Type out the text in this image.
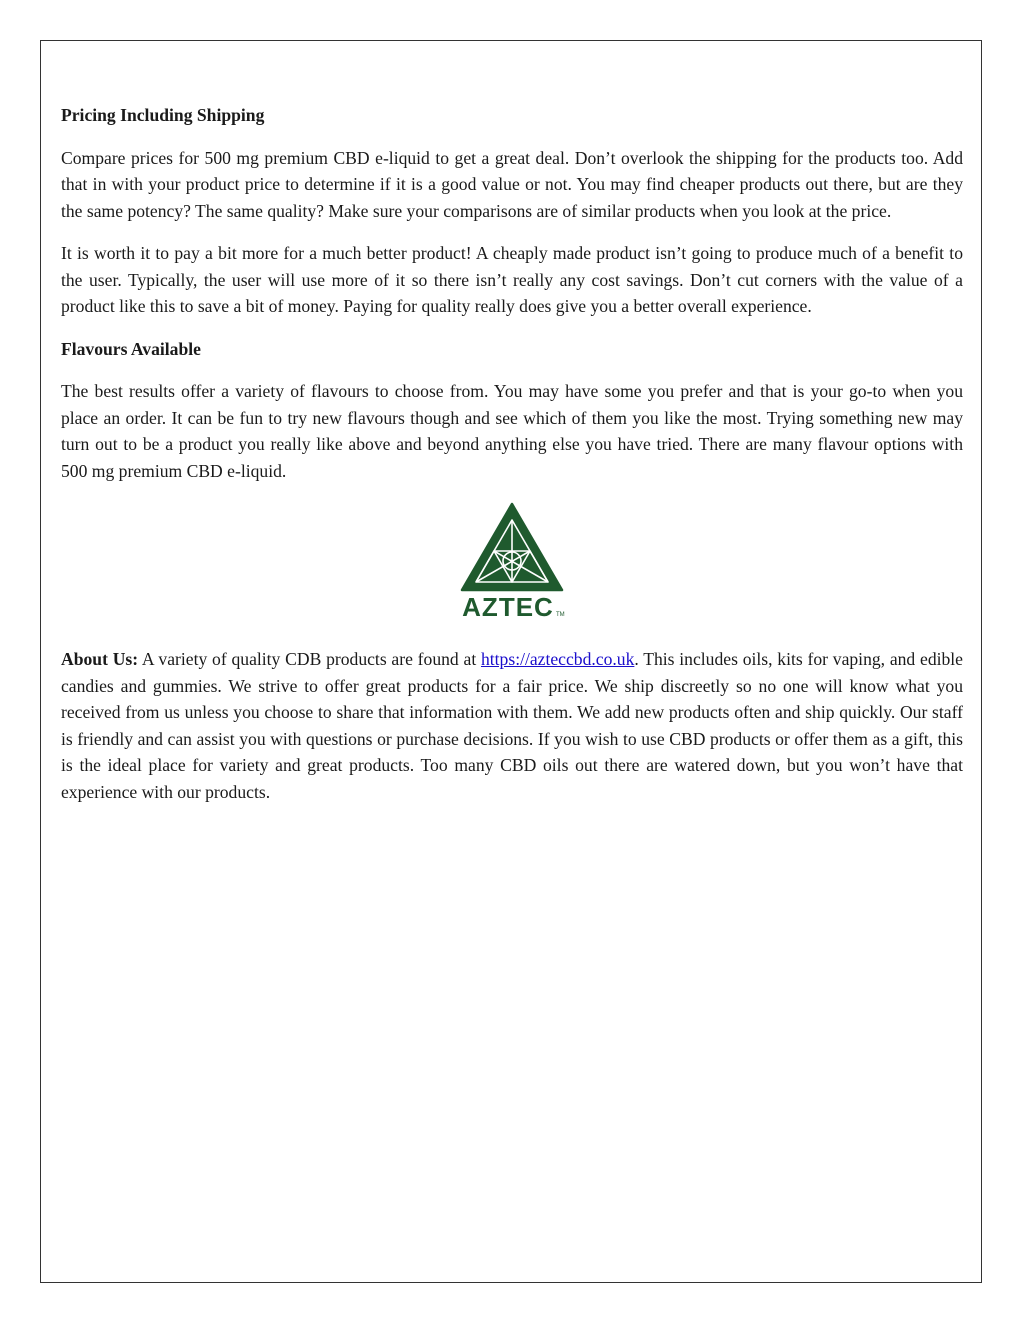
Pricing Including Shipping

Compare prices for 500 mg premium CBD e-liquid to get a great deal. Don’t overlook the shipping for the products too. Add that in with your product price to determine if it is a good value or not. You may find cheaper products out there, but are they the same potency? The same quality? Make sure your comparisons are of similar products when you look at the price.

It is worth it to pay a bit more for a much better product! A cheaply made product isn’t going to produce much of a benefit to the user. Typically, the user will use more of it so there isn’t really any cost savings. Don’t cut corners with the value of a product like this to save a bit of money. Paying for quality really does give you a better overall experience.

Flavours Available

The best results offer a variety of flavours to choose from. You may have some you prefer and that is your go-to when you place an order. It can be fun to try new flavours though and see which of them you like the most. Trying something new may turn out to be a product you really like above and beyond anything else you have tried. There are many flavour options with 500 mg premium CBD e-liquid.

AZTEC TM

About Us: A variety of quality CDB products are found at https://azteccbd.co.uk. This includes oils, kits for vaping, and edible candies and gummies. We strive to offer great products for a fair price. We ship discreetly so no one will know what you received from us unless you choose to share that information with them. We add new products often and ship quickly. Our staff is friendly and can assist you with questions or purchase decisions. If you wish to use CBD products or offer them as a gift, this is the ideal place for variety and great products. Too many CBD oils out there are watered down, but you won’t have that experience with our products.
